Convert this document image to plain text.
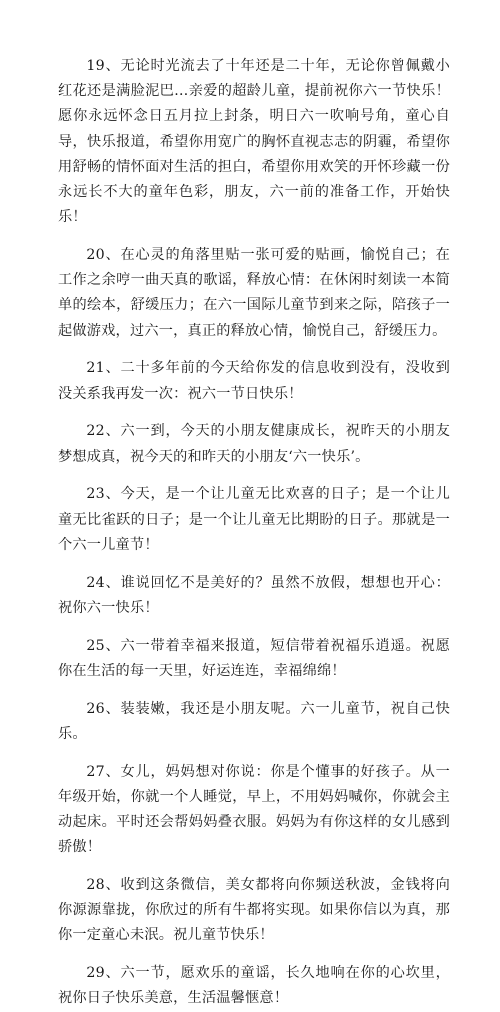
19、无论时光流去了十年还是二十年，无论你曾佩戴小红花还是满脸泥巴…亲爱的超龄儿童，提前祝你六一节快乐！愿你永远怀念日五月拉上封条，明日六一吹响号角，童心自导，快乐报道，希望你用宽广的胸怀直视志志的阴霾，希望你用舒畅的情怀面对生活的担白，希望你用欢笑的开怀珍藏一份永远长不大的童年色彩，朋友，六一前的准备工作，开始快乐！

20、在心灵的角落里贴一张可爱的贴画，愉悦自己；在工作之余哼一曲天真的歌谣，释放心情：在休闲时刻读一本简单的绘本，舒缓压力；在六一国际儿童节到来之际，陪孩子一起做游戏，过六一，真正的释放心情，愉悦自己，舒缓压力。

21、二十多年前的今天给你发的信息收到没有，没收到没关系我再发一次：祝六一节日快乐！

22、六一到，今天的小朋友健康成长，祝昨天的小朋友梦想成真，祝今天的和昨天的小朋友‘六一快乐’。

23、今天，是一个让儿童无比欢喜的日子；是一个让儿童无比雀跃的日子；是一个让儿童无比期盼的日子。那就是一个六一儿童节！

24、谁说回忆不是美好的？虽然不放假，想想也开心：祝你六一快乐！

25、六一带着幸福来报道，短信带着祝福乐逍遥。祝愿你在生活的每一天里，好运连连，幸福绵绵！

26、装装嫩，我还是小朋友呢。六一儿童节，祝自己快乐。

27、女儿，妈妈想对你说：你是个懂事的好孩子。从一年级开始，你就一个人睡觉，早上，不用妈妈喊你，你就会主动起床。平时还会帮妈妈叠衣服。妈妈为有你这样的女儿感到骄傲！

28、收到这条微信，美女都将向你频送秋波，金钱将向你源源靠拢，你欣过的所有牛都将实现。如果你信以为真，那你一定童心未泯。祝儿童节快乐！

29、六一节，愿欢乐的童谣，长久地响在你的心坎里，祝你日子快乐美意，生活温馨惬意！
